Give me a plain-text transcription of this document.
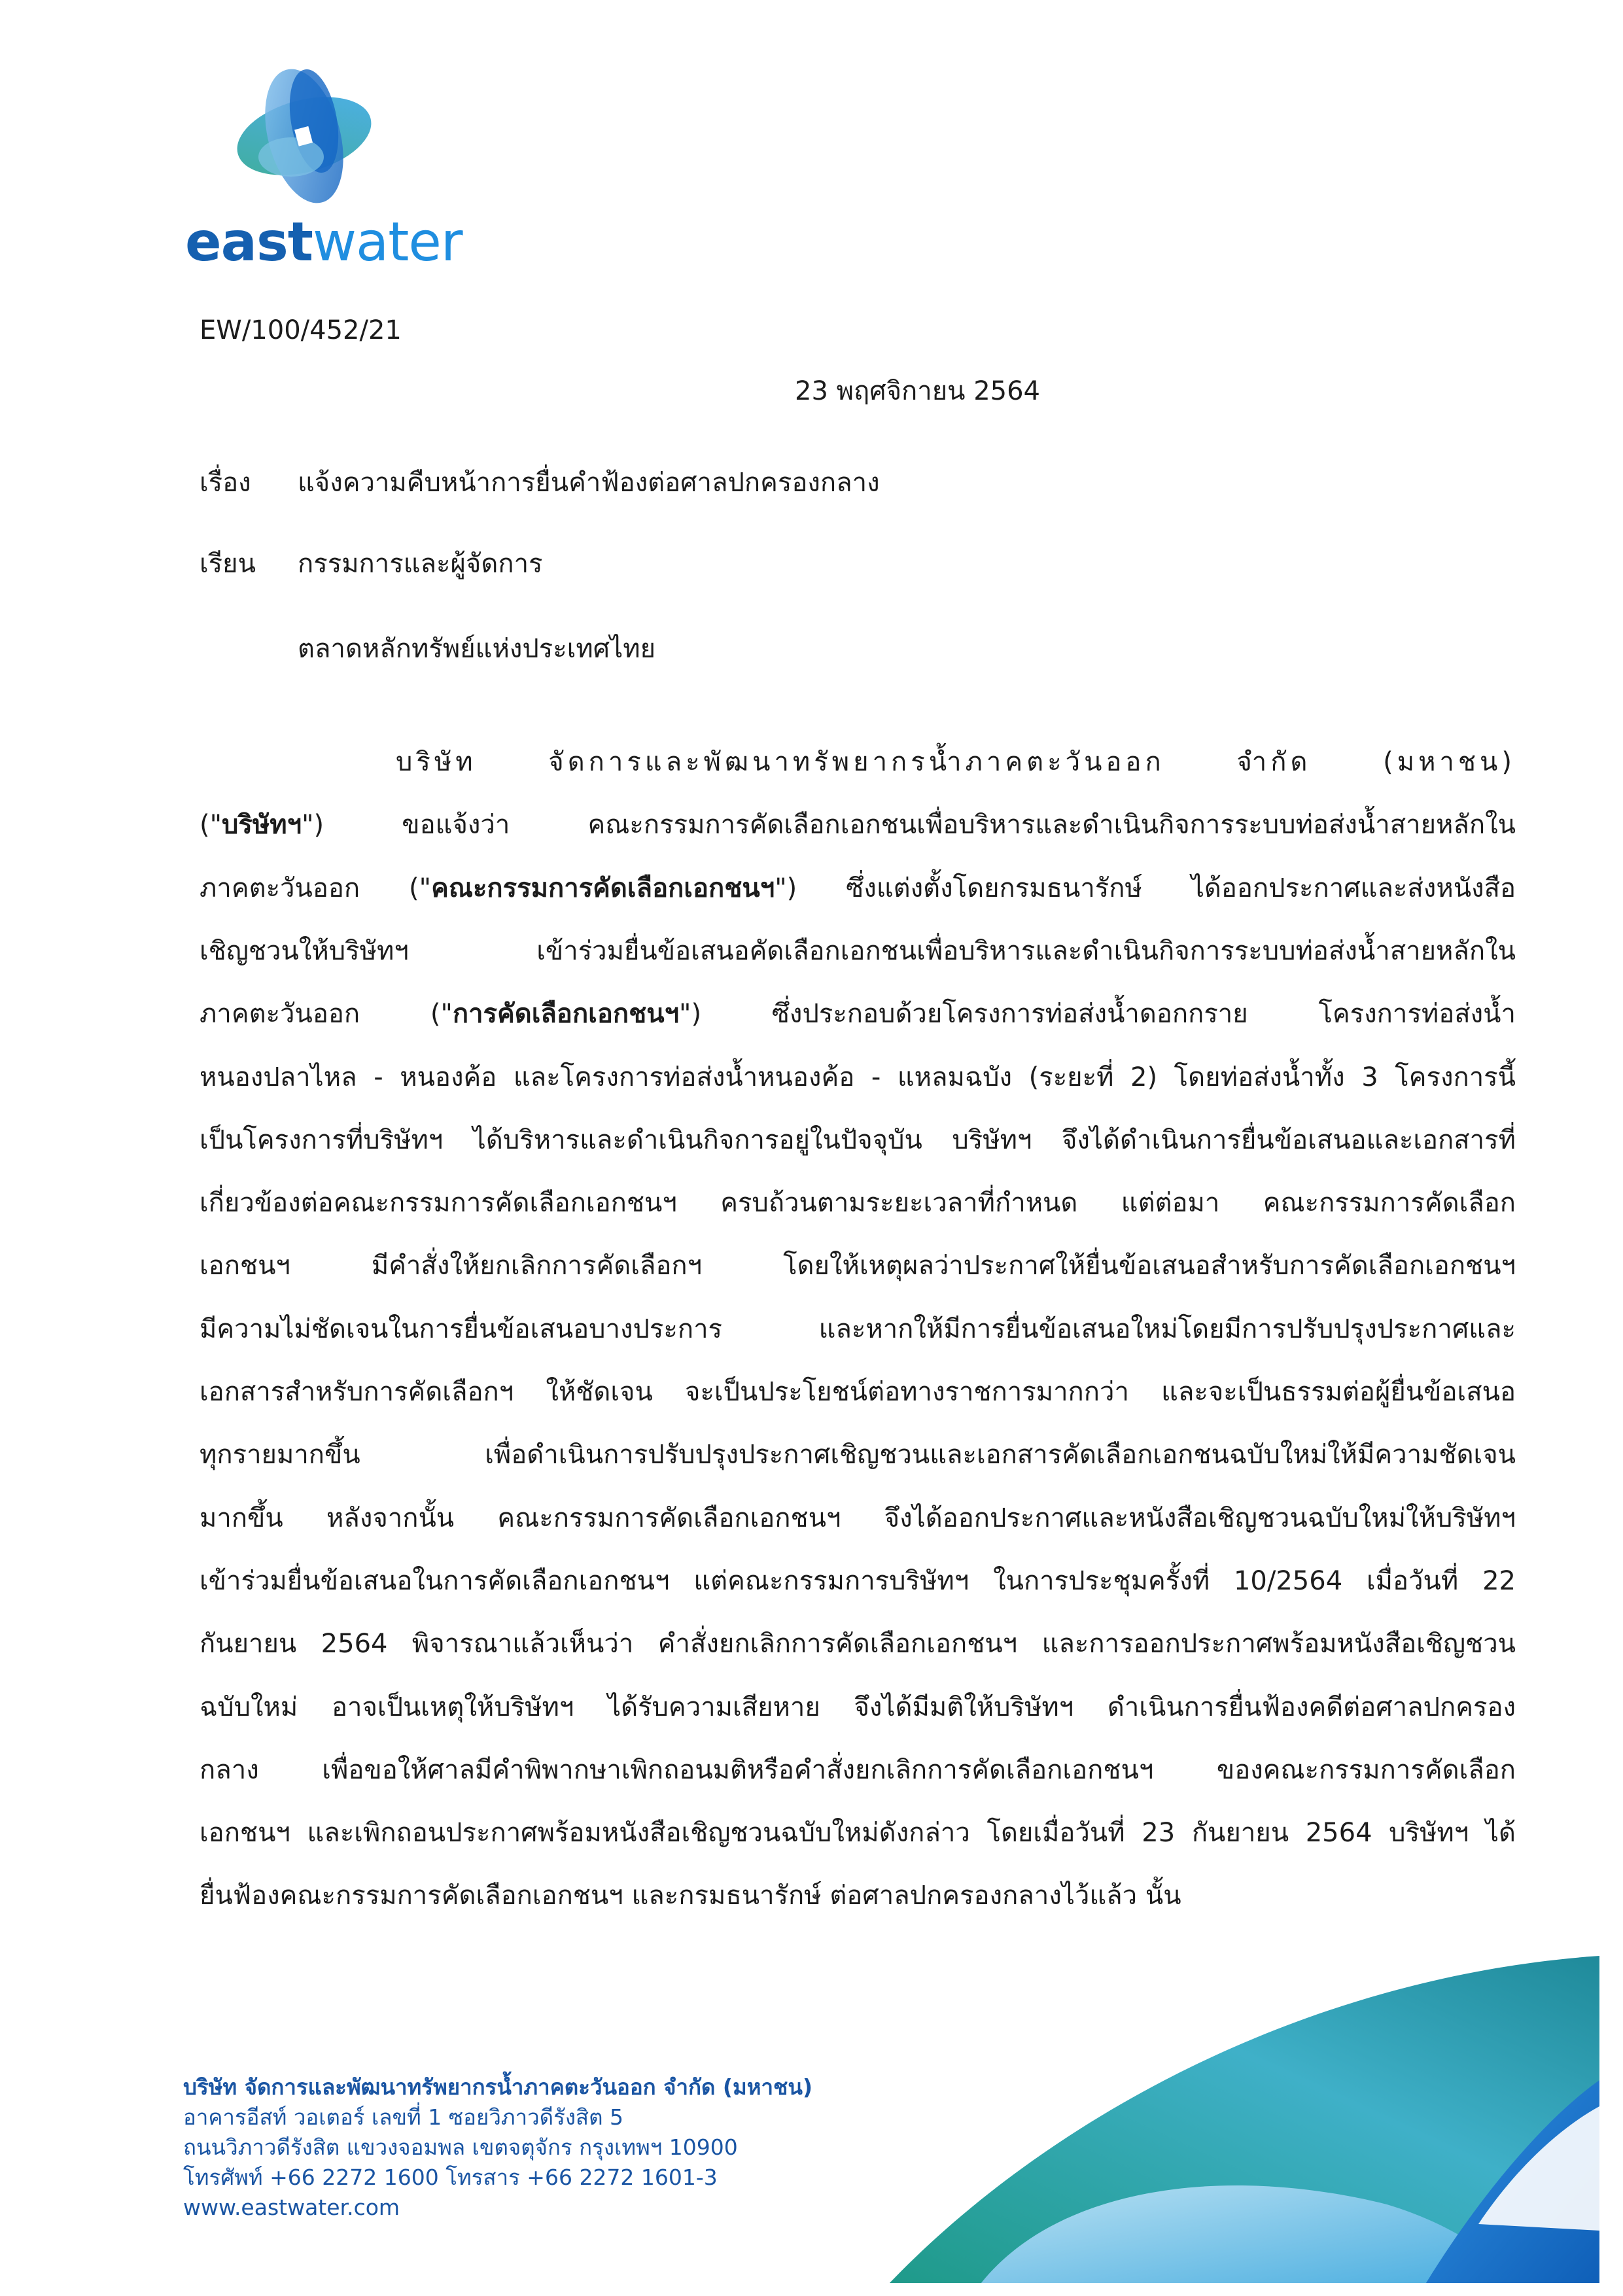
eastwater
EW/100/452/21
23 พฤศจิกายน 2564
เรื่อง แจ้งความคืบหน้าการยื่นคำฟ้องต่อศาลปกครองกลาง
เรียน กรรมการและผู้จัดการ
ตลาดหลักทรัพย์แห่งประเทศไทย
บริษัท จัดการและพัฒนาทรัพยากรน้ำภาคตะวันออก จำกัด (มหาชน)
("บริษัทฯ") ขอแจ้งว่า คณะกรรมการคัดเลือกเอกชนเพื่อบริหารและดำเนินกิจการระบบท่อส่งน้ำสายหลักใน
ภาคตะวันออก ("คณะกรรมการคัดเลือกเอกชนฯ") ซึ่งแต่งตั้งโดยกรมธนารักษ์ ได้ออกประกาศและส่งหนังสือ
เชิญชวนให้บริษัทฯ เข้าร่วมยื่นข้อเสนอคัดเลือกเอกชนเพื่อบริหารและดำเนินกิจการระบบท่อส่งน้ำสายหลักใน
ภาคตะวันออก ("การคัดเลือกเอกชนฯ") ซึ่งประกอบด้วยโครงการท่อส่งน้ำดอกกราย โครงการท่อส่งน้ำ
หนองปลาไหล - หนองค้อ และโครงการท่อส่งน้ำหนองค้อ - แหลมฉบัง (ระยะที่ 2) โดยท่อส่งน้ำทั้ง 3 โครงการนี้
เป็นโครงการที่บริษัทฯ ได้บริหารและดำเนินกิจการอยู่ในปัจจุบัน บริษัทฯ จึงได้ดำเนินการยื่นข้อเสนอและเอกสารที่
เกี่ยวข้องต่อคณะกรรมการคัดเลือกเอกชนฯ ครบถ้วนตามระยะเวลาที่กำหนด แต่ต่อมา คณะกรรมการคัดเลือก
เอกชนฯ มีคำสั่งให้ยกเลิกการคัดเลือกฯ โดยให้เหตุผลว่าประกาศให้ยื่นข้อเสนอสำหรับการคัดเลือกเอกชนฯ
มีความไม่ชัดเจนในการยื่นข้อเสนอบางประการ และหากให้มีการยื่นข้อเสนอใหม่โดยมีการปรับปรุงประกาศและ
เอกสารสำหรับการคัดเลือกฯ ให้ชัดเจน จะเป็นประโยชน์ต่อทางราชการมากกว่า และจะเป็นธรรมต่อผู้ยื่นข้อเสนอ
ทุกรายมากขึ้น เพื่อดำเนินการปรับปรุงประกาศเชิญชวนและเอกสารคัดเลือกเอกชนฉบับใหม่ให้มีความชัดเจน
มากขึ้น หลังจากนั้น คณะกรรมการคัดเลือกเอกชนฯ จึงได้ออกประกาศและหนังสือเชิญชวนฉบับใหม่ให้บริษัทฯ
เข้าร่วมยื่นข้อเสนอในการคัดเลือกเอกชนฯ แต่คณะกรรมการบริษัทฯ ในการประชุมครั้งที่ 10/2564 เมื่อวันที่ 22
กันยายน 2564 พิจารณาแล้วเห็นว่า คำสั่งยกเลิกการคัดเลือกเอกชนฯ และการออกประกาศพร้อมหนังสือเชิญชวน
ฉบับใหม่ อาจเป็นเหตุให้บริษัทฯ ได้รับความเสียหาย จึงได้มีมติให้บริษัทฯ ดำเนินการยื่นฟ้องคดีต่อศาลปกครอง
กลาง เพื่อขอให้ศาลมีคำพิพากษาเพิกถอนมติหรือคำสั่งยกเลิกการคัดเลือกเอกชนฯ ของคณะกรรมการคัดเลือก
เอกชนฯ และเพิกถอนประกาศพร้อมหนังสือเชิญชวนฉบับใหม่ดังกล่าว โดยเมื่อวันที่ 23 กันยายน 2564 บริษัทฯ ได้
ยื่นฟ้องคณะกรรมการคัดเลือกเอกชนฯ และกรมธนารักษ์ ต่อศาลปกครองกลางไว้แล้ว นั้น
บริษัท จัดการและพัฒนาทรัพยากรน้ำภาคตะวันออก จำกัด (มหาชน)
อาคารอีสท์ วอเตอร์ เลขที่ 1 ซอยวิภาวดีรังสิต 5
ถนนวิภาวดีรังสิต แขวงจอมพล เขตจตุจักร กรุงเทพฯ 10900
โทรศัพท์ +66 2272 1600 โทรสาร +66 2272 1601-3
www.eastwater.com
